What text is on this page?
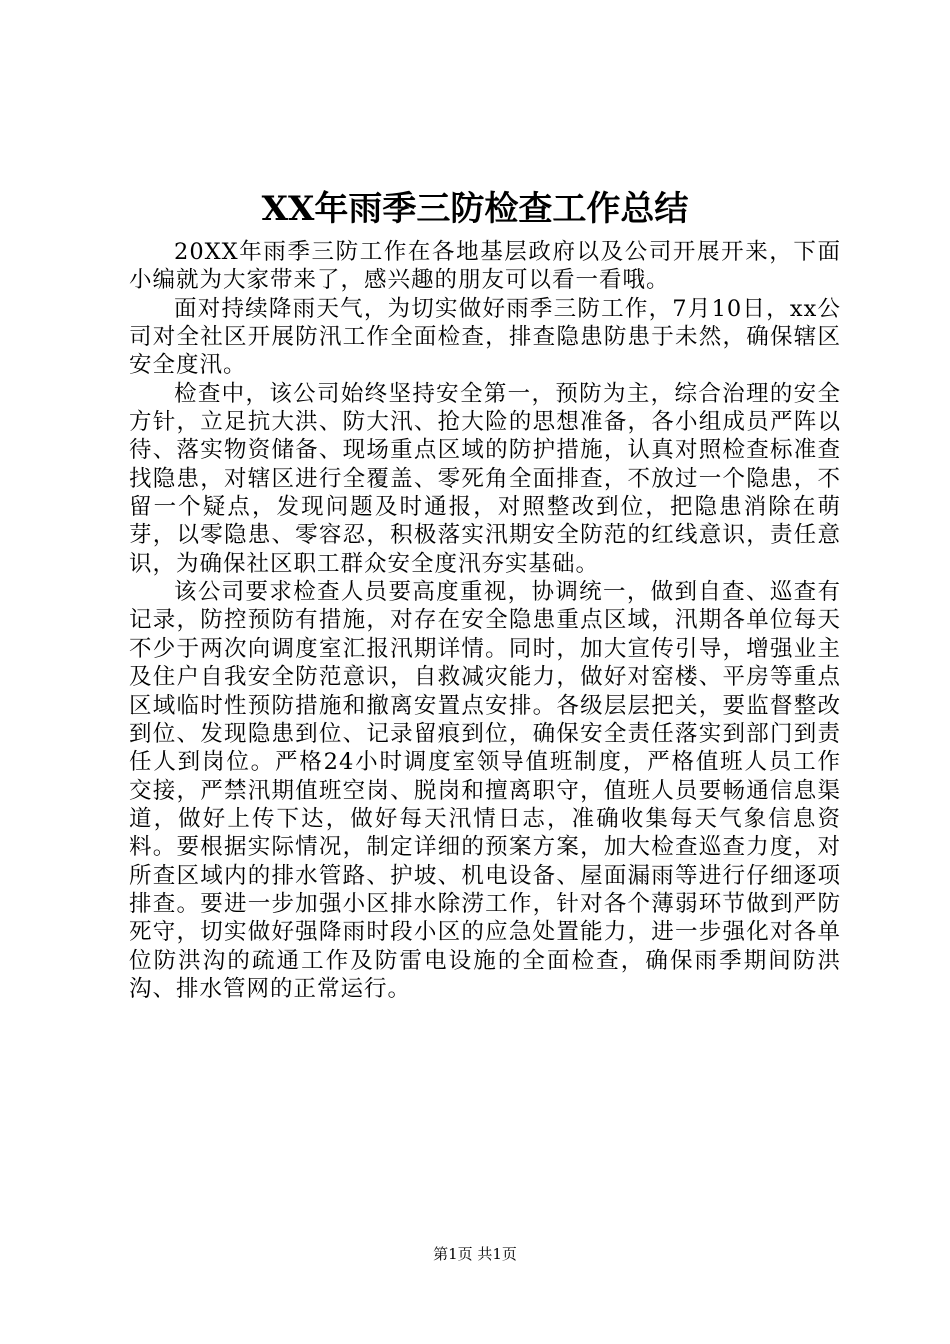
XX年雨季三防检查工作总结

20XX年雨季三防工作在各地基层政府以及公司开展开来，下面小编就为大家带来了，感兴趣的朋友可以看一看哦。

面对持续降雨天气，为切实做好雨季三防工作，7月10日，xx公司对全社区开展防汛工作全面检查，排查隐患防患于未然，确保辖区安全度汛。

检查中，该公司始终坚持安全第一，预防为主，综合治理的安全方针，立足抗大洪、防大汛、抢大险的思想准备，各小组成员严阵以待、落实物资储备、现场重点区域的防护措施，认真对照检查标准查找隐患，对辖区进行全覆盖、零死角全面排查，不放过一个隐患，不留一个疑点，发现问题及时通报，对照整改到位，把隐患消除在萌芽，以零隐患、零容忍，积极落实汛期安全防范的红线意识，责任意识，为确保社区职工群众安全度汛夯实基础。

该公司要求检查人员要高度重视，协调统一，做到自查、巡查有记录，防控预防有措施，对存在安全隐患重点区域，汛期各单位每天不少于两次向调度室汇报汛期详情。同时，加大宣传引导，增强业主及住户自我安全防范意识，自救减灾能力，做好对窑楼、平房等重点区域临时性预防措施和撤离安置点安排。各级层层把关，要监督整改到位、发现隐患到位、记录留痕到位，确保安全责任落实到部门到责任人到岗位。严格24小时调度室领导值班制度，严格值班人员工作交接，严禁汛期值班空岗、脱岗和擅离职守，值班人员要畅通信息渠道，做好上传下达，做好每天汛情日志，准确收集每天气象信息资料。要根据实际情况，制定详细的预案方案，加大检查巡查力度，对所查区域内的排水管路、护坡、机电设备、屋面漏雨等进行仔细逐项排查。要进一步加强小区排水除涝工作，针对各个薄弱环节做到严防死守，切实做好强降雨时段小区的应急处置能力，进一步强化对各单位防洪沟的疏通工作及防雷电设施的全面检查，确保雨季期间防洪沟、排水管网的正常运行。

第1页 共1页
